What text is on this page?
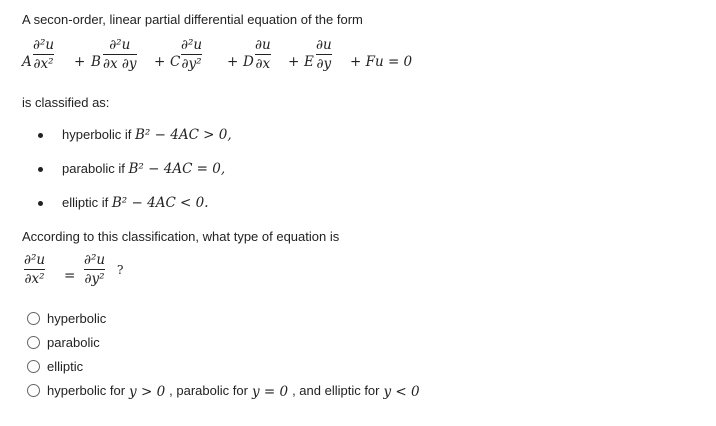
A secon-order, linear partial differential equation of the form
A
∂²u
∂x² + B
∂²u
∂x ∂y + C
∂²u
∂y² + D
∂u
∂x + E
∂u
∂y + Fu = 0
is classified as:
hyperbolic if B² − 4AC > 0,
parabolic if B² − 4AC = 0,
elliptic if B² − 4AC < 0.
According to this classification, what type of equation is
∂²u
∂x² =
∂²u
∂y²
?
hyperbolic
parabolic
elliptic
hyperbolic for y > 0 , parabolic for y = 0 , and elliptic for y < 0
